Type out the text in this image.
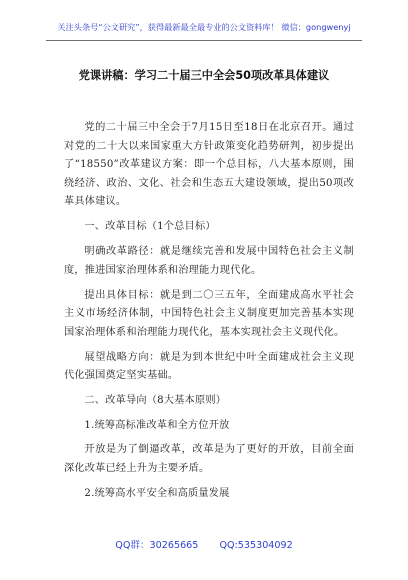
关注头条号“公文研究”，获得最新最全最专业的公文资料库！ 微信：gongwenyj
党课讲稿：学习二十届三中全会50项改革具体建议

党的二十届三中全会于7月15日至18日在北京召开。通过对党的二十大以来国家重大方针政策变化趋势研判，初步提出了“18550”改革建议方案：即一个总目标，八大基本原则，围绕经济、政治、文化、社会和生态五大建设领域，提出50项改革具体建议。

一、改革目标（1个总目标）

明确改革路径：就是继续完善和发展中国特色社会主义制度，推进国家治理体系和治理能力现代化。

提出具体目标：就是到二〇三五年，全面建成高水平社会主义市场经济体制，中国特色社会主义制度更加完善基本实现国家治理体系和治理能力现代化，基本实现社会主义现代化。

展望战略方向：就是为到本世纪中叶全面建成社会主义现代化强国奠定坚实基础。

二、改革导向（8大基本原则）

1.统筹高标准改革和全方位开放

开放是为了倒逼改革，改革是为了更好的开放，目前全面深化改革已经上升为主要矛盾。

2.统筹高水平安全和高质量发展

QQ群：30265665 QQ:535304092
